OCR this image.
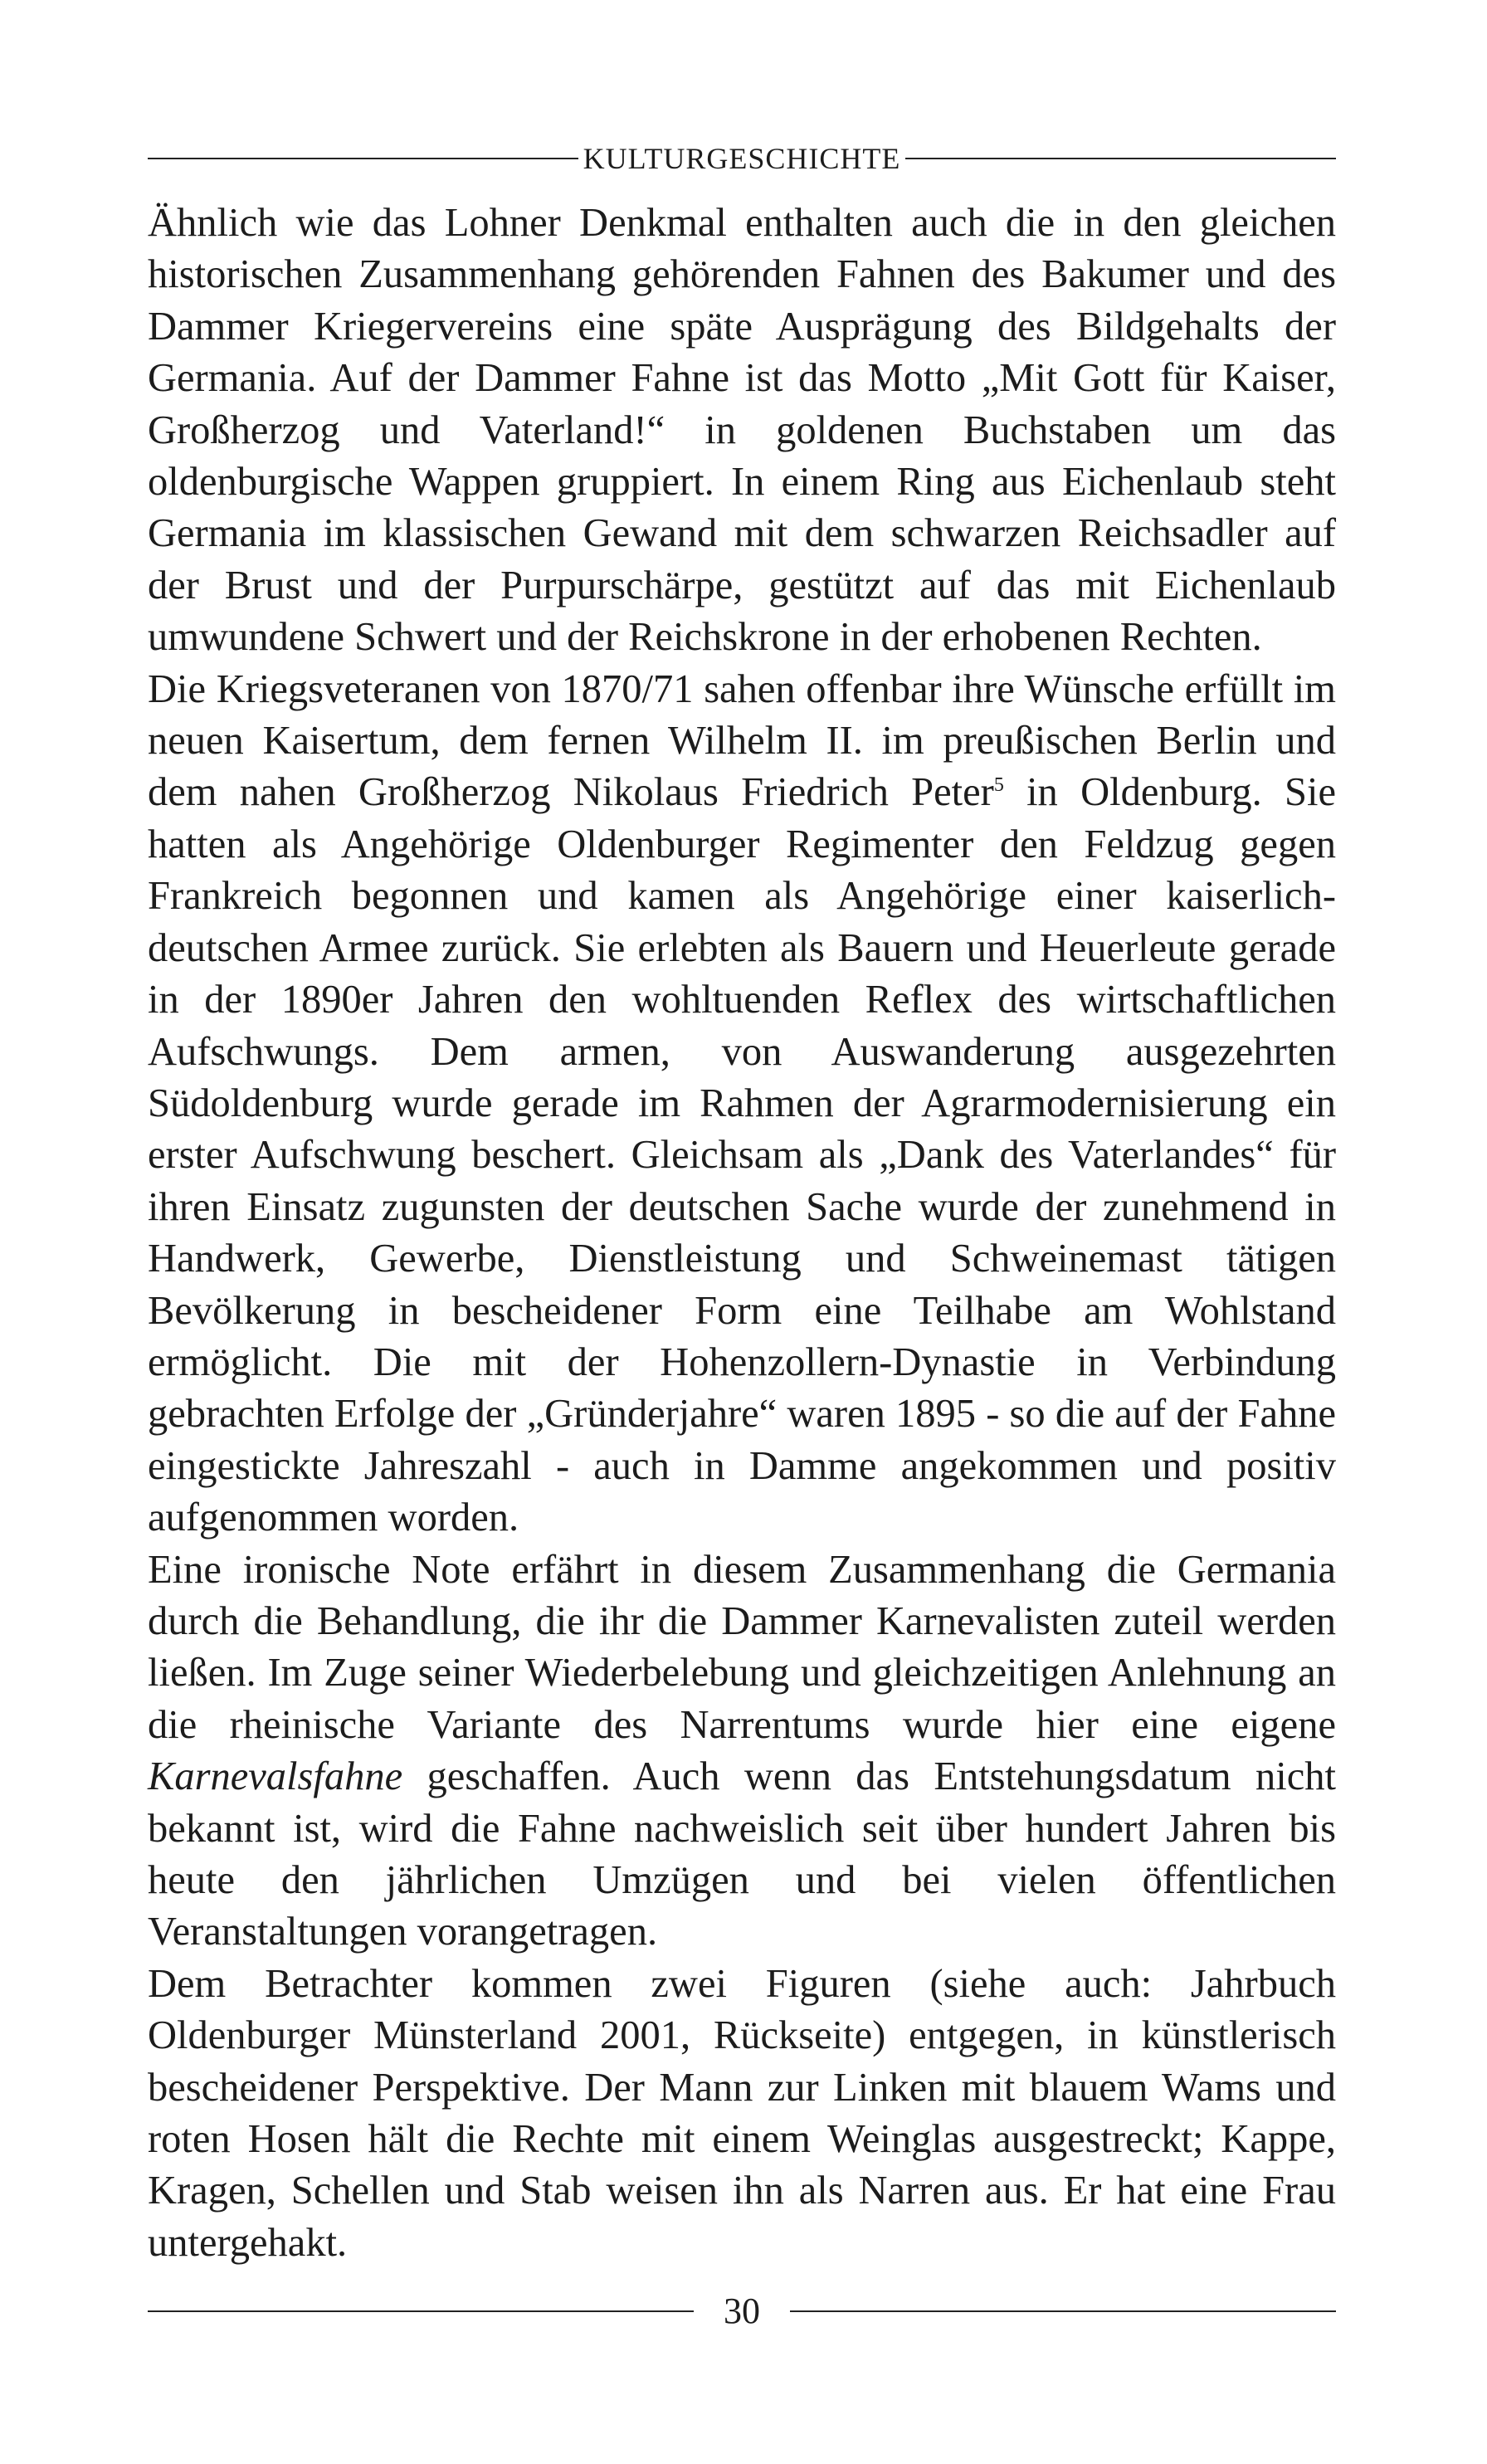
KULTURGESCHICHTE

Ähnlich wie das Lohner Denkmal enthalten auch die in den gleichen historischen Zusammenhang gehörenden Fahnen des Bakumer und des Dammer Kriegervereins eine späte Ausprägung des Bildgehalts der Germania. Auf der Dammer Fahne ist das Motto „Mit Gott für Kaiser, Großherzog und Vaterland!“ in goldenen Buchstaben um das oldenburgische Wappen gruppiert. In einem Ring aus Eichenlaub steht Germania im klassischen Gewand mit dem schwarzen Reichsadler auf der Brust und der Purpurschärpe, gestützt auf das mit Eichenlaub umwundene Schwert und der Reichskrone in der erhobenen Rechten.

Die Kriegsveteranen von 1870/71 sahen offenbar ihre Wünsche erfüllt im neuen Kaisertum, dem fernen Wilhelm II. im preußischen Berlin und dem nahen Großherzog Nikolaus Friedrich Peter$^5$ in Oldenburg. Sie hatten als Angehörige Oldenburger Regimenter den Feldzug gegen Frankreich begonnen und kamen als Angehörige einer kaiserlich-deutschen Armee zurück. Sie erlebten als Bauern und Heuerleute gerade in der 1890er Jahren den wohltuenden Reflex des wirtschaftlichen Aufschwungs. Dem armen, von Auswanderung ausgezehrten Südoldenburg wurde gerade im Rahmen der Agrarmodernisierung ein erster Aufschwung beschert. Gleichsam als „Dank des Vaterlandes“ für ihren Einsatz zugunsten der deutschen Sache wurde der zunehmend in Handwerk, Gewerbe, Dienstleistung und Schweinemast tätigen Bevölkerung in bescheidener Form eine Teilhabe am Wohlstand ermöglicht. Die mit der Hohenzollern-Dynastie in Verbindung gebrachten Erfolge der „Gründerjahre“ waren 1895 - so die auf der Fahne eingestickte Jahreszahl - auch in Damme angekommen und positiv aufgenommen worden.

Eine ironische Note erfährt in diesem Zusammenhang die Germania durch die Behandlung, die ihr die Dammer Karnevalisten zuteil werden ließen. Im Zuge seiner Wiederbelebung und gleichzeitigen Anlehnung an die rheinische Variante des Narrentums wurde hier eine eigene Karnevalsfahne geschaffen. Auch wenn das Entstehungsdatum nicht bekannt ist, wird die Fahne nachweislich seit über hundert Jahren bis heute den jährlichen Umzügen und bei vielen öffentlichen Veranstaltungen vorangetragen.

Dem Betrachter kommen zwei Figuren (siehe auch: Jahrbuch Oldenburger Münsterland 2001, Rückseite) entgegen, in künstlerisch bescheidener Perspektive. Der Mann zur Linken mit blauem Wams und roten Hosen hält die Rechte mit einem Weinglas ausgestreckt; Kappe, Kragen, Schellen und Stab weisen ihn als Narren aus. Er hat eine Frau untergehakt.

30
